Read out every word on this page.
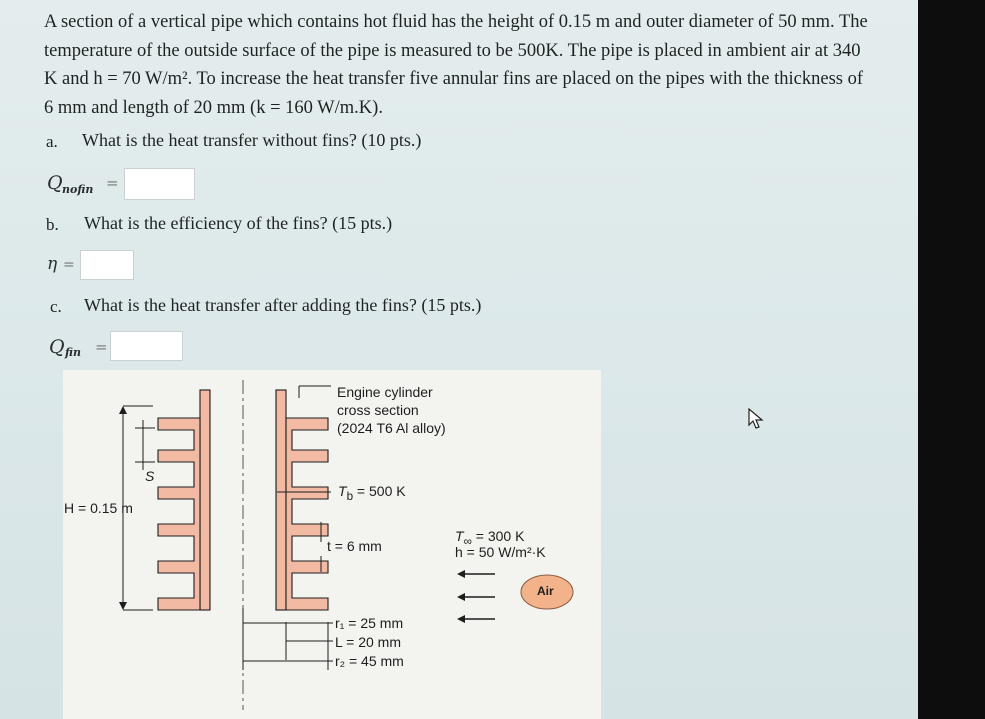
A section of a vertical pipe which contains hot fluid has the height of 0.15 m and outer diameter of 50 mm. The temperature of the outside surface of the pipe is measured to be 500K. The pipe is placed in ambient air at 340 K and h = 70 W/m². To increase the heat transfer five annular fins are placed on the pipes with the thickness of 6 mm and length of 20 mm (k = 160 W/m.K).
a. What is the heat transfer without fins? (10 pts.)
Q nofin =
b. What is the efficiency of the fins? (15 pts.)
η =
c. What is the heat transfer after adding the fins? (15 pts.)
Q fin =
Engine cylinder
cross section
(2024 T6 Al alloy)
$T_b = 500$ K
t = 6 mm
$T_\infty = 300$ K
h = 50 W/m²·K
Air
S
H = 0.15 m
r₁ = 25 mm
L = 20 mm
r₂ = 45 mm
